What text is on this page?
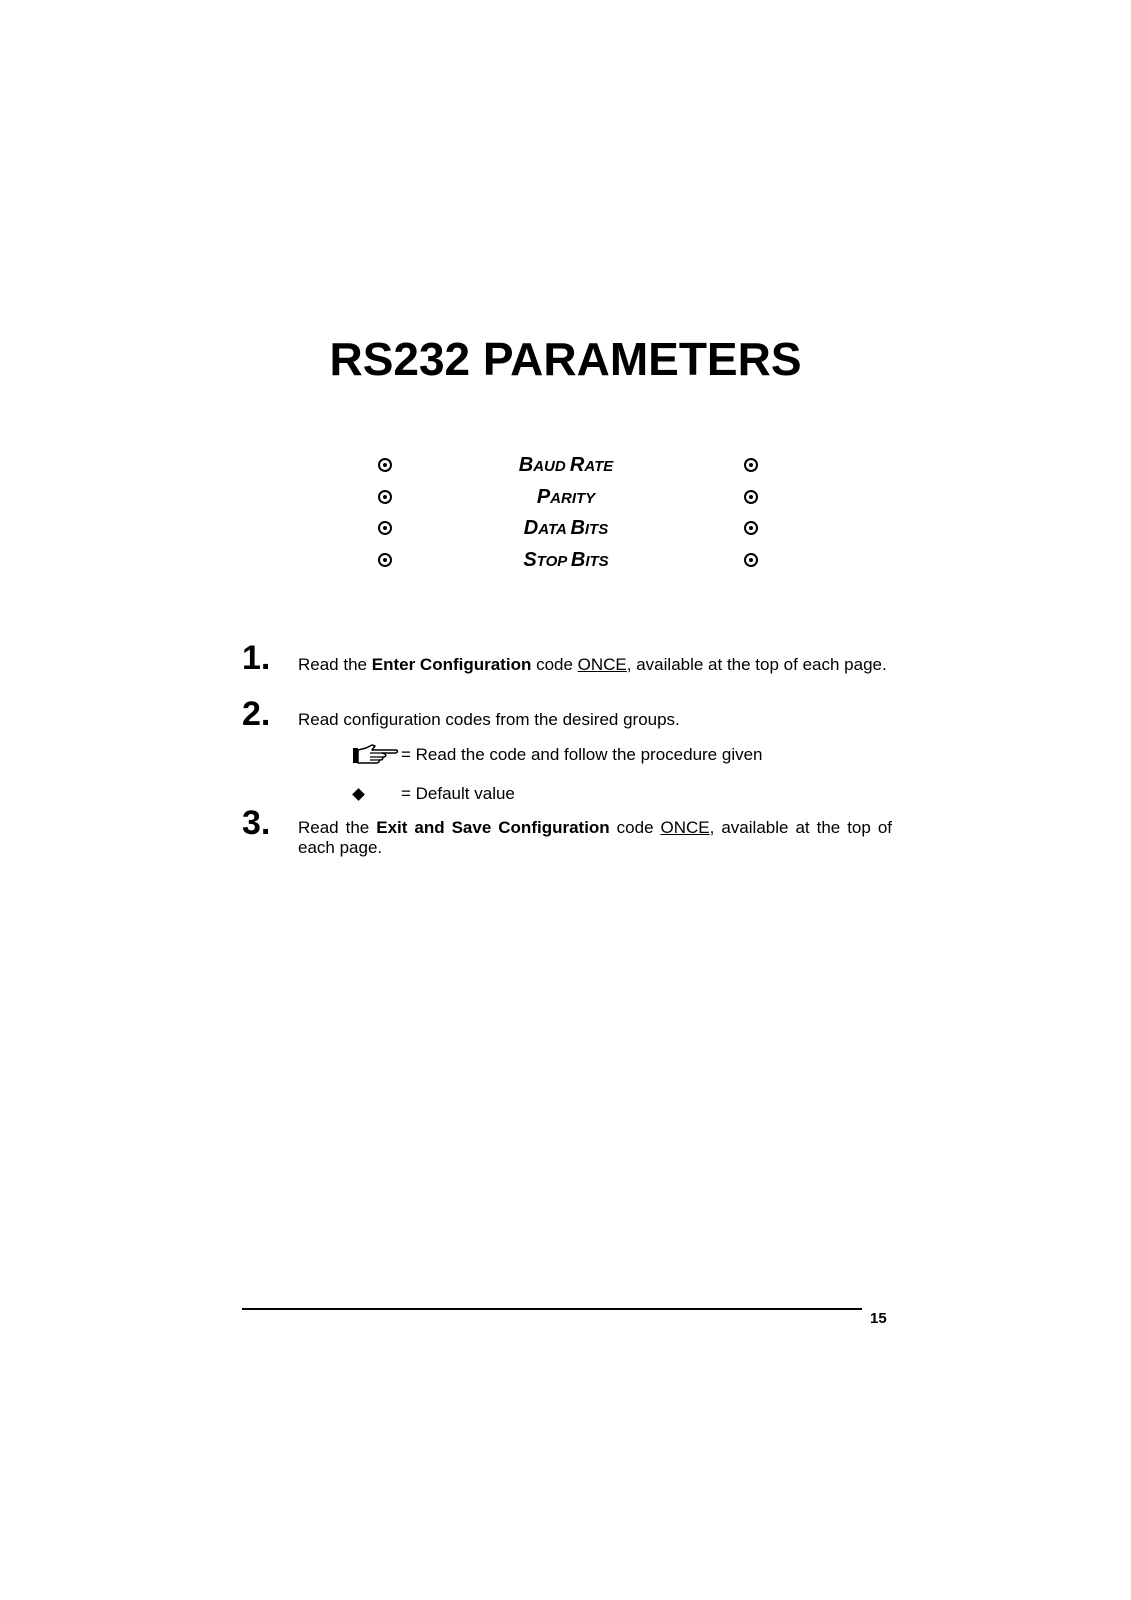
RS232 PARAMETERS
BAUD RATE
PARITY
DATA BITS
STOP BITS
1. Read the Enter Configuration code ONCE, available at the top of each page.
2. Read configuration codes from the desired groups.
= Read the code and follow the procedure given
= Default value
3. Read the Exit and Save Configuration code ONCE, available at the top of each page.
15
